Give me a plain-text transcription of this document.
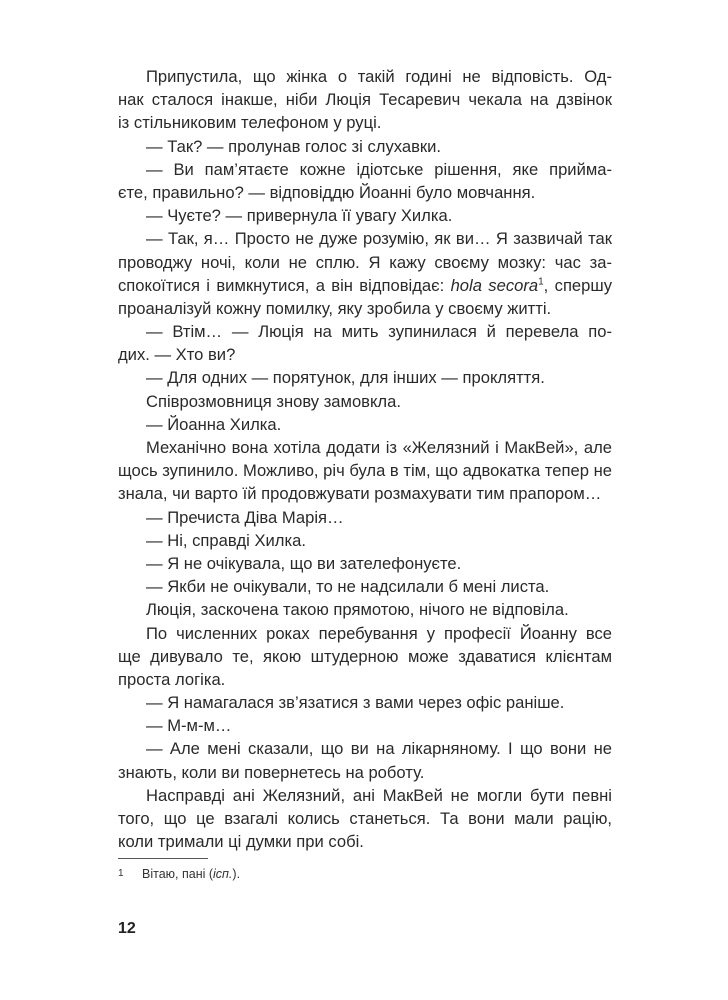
Припустила, що жінка о такій годині не відповість. Од-
нак сталося інакше, ніби Люція Тесаревич чекала на дзвінок
із стільниковим телефоном у руці.
— Так? — пролунав голос зі слухавки.
— Ви пам’ятаєте кожне ідіотське рішення, яке прийма-
єте, правильно? — відповіддю Йоанні було мовчання.
— Чуєте? — привернула її увагу Хилка.
— Так, я… Просто не дуже розумію, як ви… Я зазвичай так
проводжу ночі, коли не сплю. Я кажу своєму мозку: час за-
спокоїтися і вимкнутися, а він відповідає: hola secora$^1$, спершу
проаналізуй кожну помилку, яку зробила у своєму житті.
— Втім… — Люція на мить зупинилася й перевела по-
дих. — Хто ви?
— Для одних — порятунок, для інших — прокляття.
Співрозмовниця знову замовкла.
— Йоанна Хилка.
Механічно вона хотіла додати із «Желязний і МакВей», але
щось зупинило. Можливо, річ була в тім, що адвокатка тепер не
знала, чи варто їй продовжувати розмахувати тим прапором…
— Пречиста Діва Марія…
— Ні, справді Хилка.
— Я не очікувала, що ви зателефонуєте.
— Якби не очікували, то не надсилали б мені листа.
Люція, заскочена такою прямотою, нічого не відповіла.
По численних роках перебування у професії Йоанну все
ще дивувало те, якою штудерною може здаватися клієнтам
проста логіка.
— Я намагалася зв’язатися з вами через офіс раніше.
— М-м-м…
— Але мені сказали, що ви на лікарняному. І що вони не
знають, коли ви повернетесь на роботу.
Насправді ані Желязний, ані МакВей не могли бути певні
того, що це взагалі колись станеться. Та вони мали рацію,
коли тримали ці думки при собі.
1 Вітаю, пані (ісп.).
12
